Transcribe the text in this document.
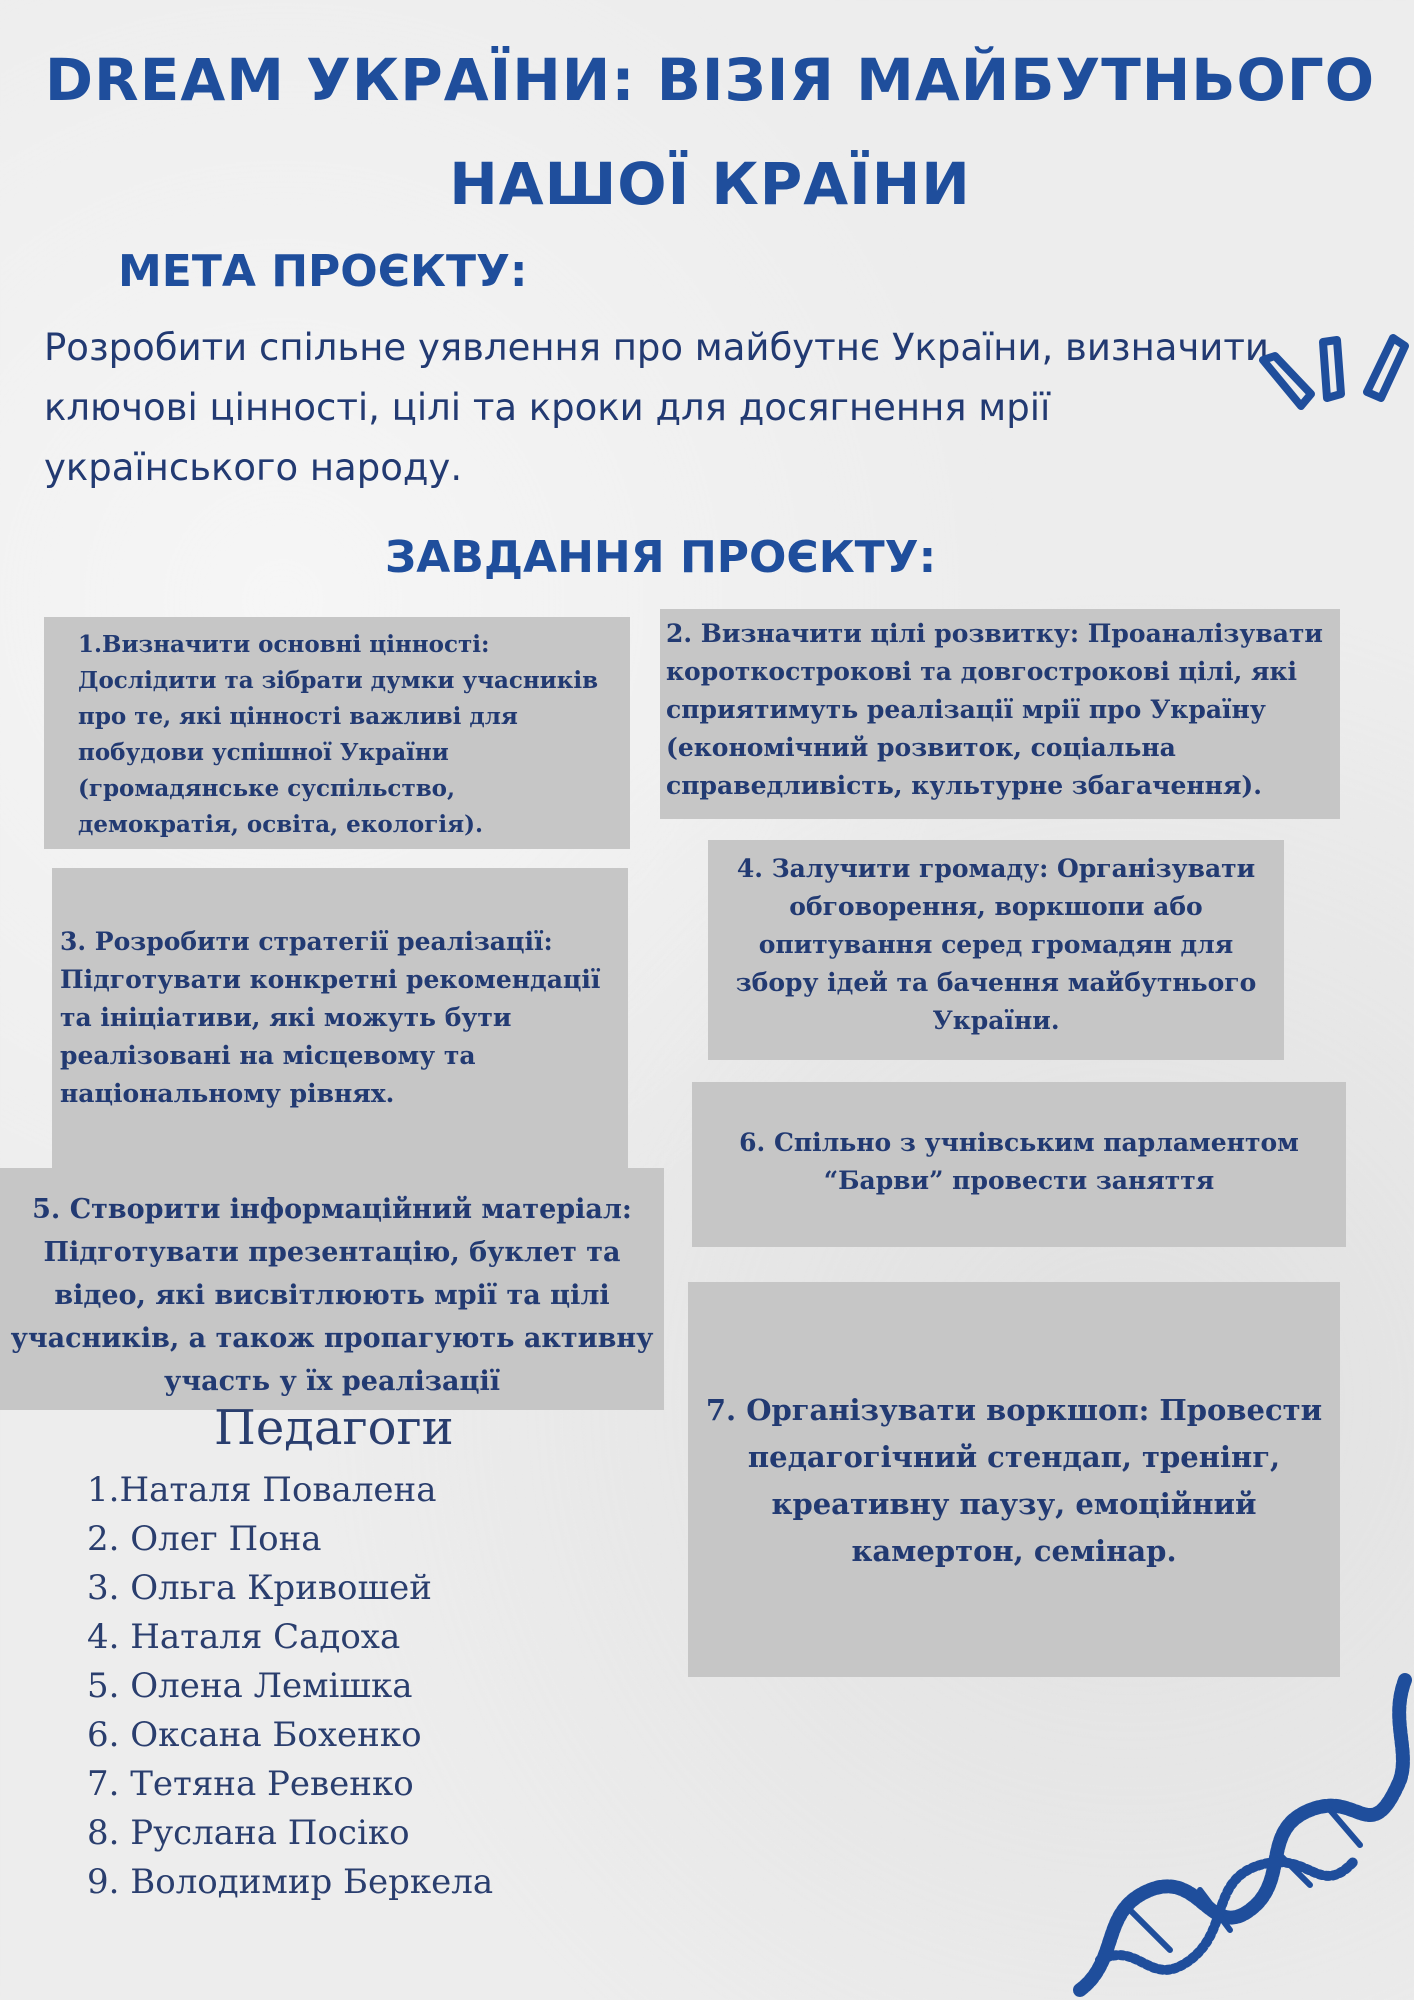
DREAM УКРАЇНИ: ВІЗІЯ МАЙБУТНЬОГО НАШОЇ КРАЇНИ
МЕТА ПРОЄКТУ:
Розробити спільне уявлення про майбутнє України, визначити ключові цінності, цілі та кроки для досягнення мрії українського народу.
ЗАВДАННЯ ПРОЄКТУ:
1.Визначити основні цінності: Дослідити та зібрати думки учасників про те, які цінності важливі для побудови успішної України (громадянське суспільство, демократія, освіта, екологія).
2. Визначити цілі розвитку: Проаналізувати короткострокові та довгострокові цілі, які сприятимуть реалізації мрії про Україну (економічний розвиток, соціальна справедливість, культурне збагачення).
3. Розробити стратегії реалізації: Підготувати конкретні рекомендації та ініціативи, які можуть бути реалізовані на місцевому та національному рівнях.
4. Залучити громаду: Організувати обговорення, воркшопи або опитування серед громадян для збору ідей та бачення майбутнього України.
6. Спільно з учнівським парламентом “Барви” провести заняття
5. Створити інформаційний матеріал: Підготувати презентацію, буклет та відео, які висвітлюють мрії та цілі учасників, а також пропагують активну участь у їх реалізації
7. Організувати воркшоп: Провести педагогічний стендап, тренінг, креативну паузу, емоційний камертон, семінар.
Педагоги
1.Наталя Повалена
2. Олег Пона
3. Ольга Кривошей
4. Наталя Садоха
5. Олена Лемішка
6. Оксана Бохенко
7. Тетяна Ревенко
8. Руслана Посіко
9. Володимир Беркела
